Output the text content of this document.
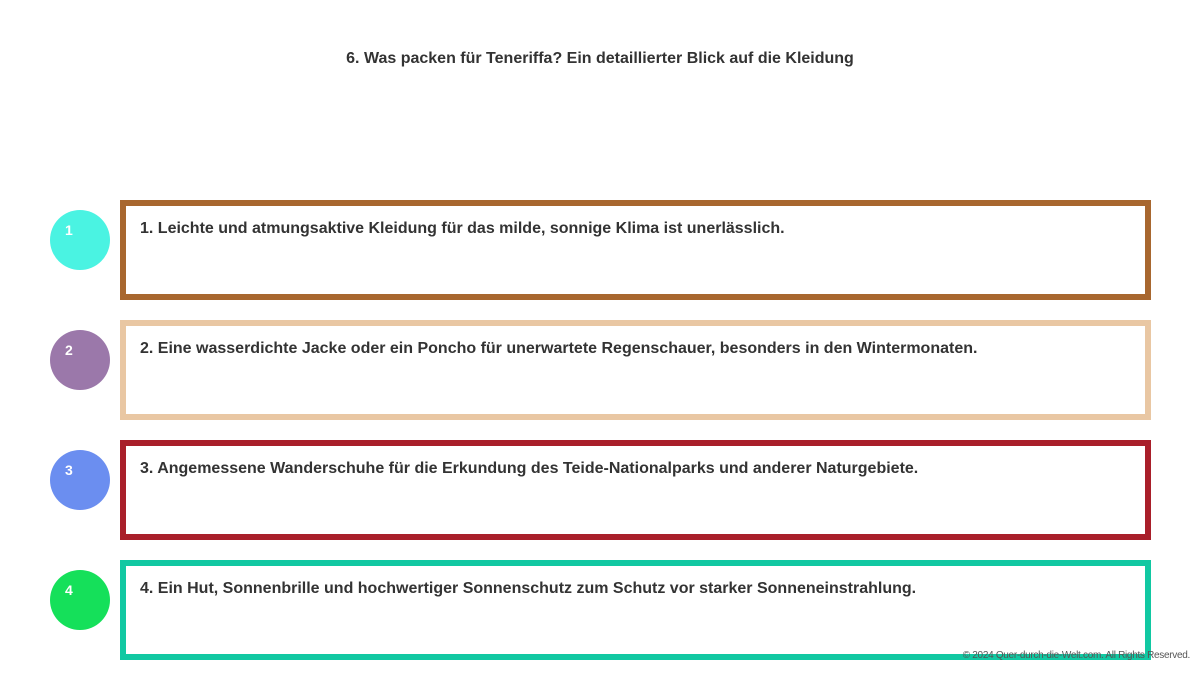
6. Was packen für Teneriffa? Ein detaillierter Blick auf die Kleidung
1	1. Leichte und atmungsaktive Kleidung für das milde, sonnige Klima ist unerlässlich.
2	2. Eine wasserdichte Jacke oder ein Poncho für unerwartete Regenschauer, besonders in den Wintermonaten.
3	3. Angemessene Wanderschuhe für die Erkundung des Teide-Nationalparks und anderer Naturgebiete.
4	4. Ein Hut, Sonnenbrille und hochwertiger Sonnenschutz zum Schutz vor starker Sonneneinstrahlung.
© 2024 Quer-durch-die-Welt.com. All Rights Reserved.
